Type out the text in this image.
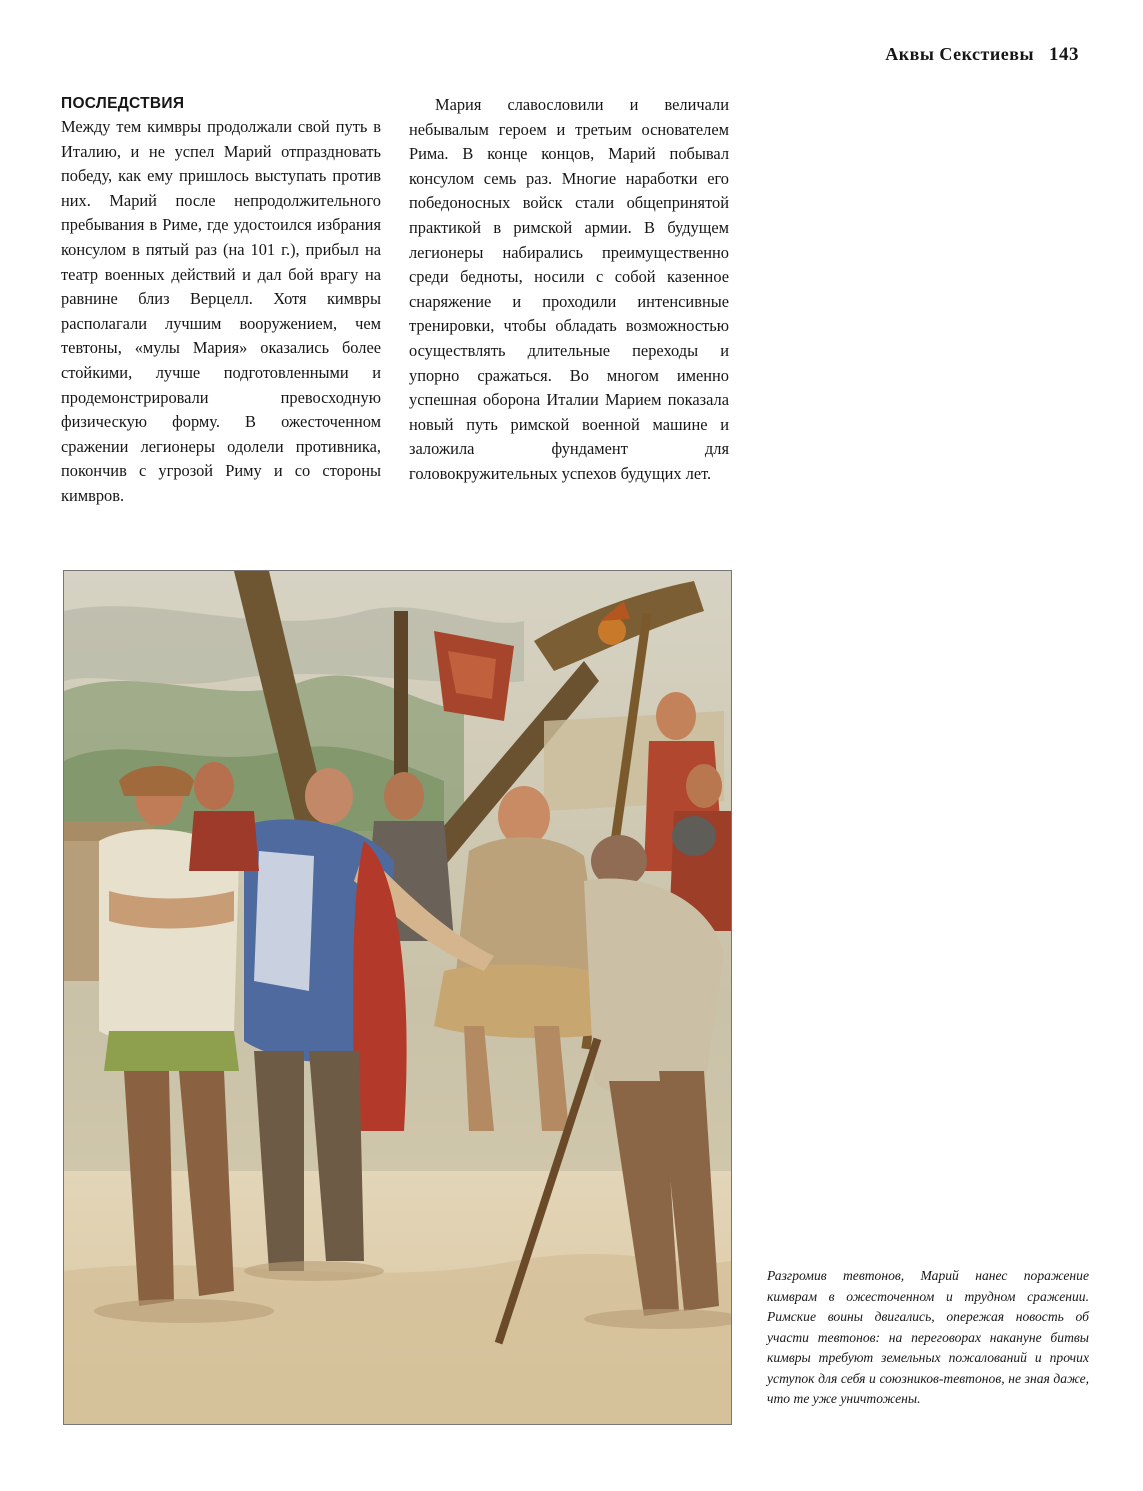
Аквы Секстиевы 143
ПОСЛЕДСТВИЯ

Между тем кимвры продолжали свой путь в Италию, и не успел Марий отпраздновать победу, как ему пришлось выступать против них. Марий после непродолжительного пребывания в Риме, где удостоился избрания консулом в пятый раз (на 101 г.), прибыл на театр военных действий и дал бой врагу на равнине близ Верцелл. Хотя кимвры располагали лучшим вооружением, чем тевтоны, «мулы Мария» оказались более стойкими, лучше подготовленными и продемонстрировали превосходную физическую форму. В ожесточенном сражении легионеры одолели противника, покончив с угрозой Риму и со стороны кимвров.

Мария славословили и величали небывалым героем и третьим основателем Рима. В конце концов, Марий побывал консулом семь раз. Многие наработки его победоносных войск стали общепринятой практикой в римской армии. В будущем легионеры набирались преимущественно среди бедноты, носили с собой казенное снаряжение и проходили интенсивные тренировки, чтобы обладать возможностью осуществлять длительные переходы и упорно сражаться. Во многом именно успешная оборона Италии Марием показала новый путь римской военной машине и заложила фундамент для головокружительных успехов будущих лет.

Разгромив тевтонов, Марий нанес поражение кимврам в ожесточенном и трудном сражении. Римские воины двигались, опережая новость об участи тевтонов: на переговорах накануне битвы кимвры требуют земельных пожалований и прочих уступок для себя и союзников-тевтонов, не зная даже, что те уже уничтожены.
